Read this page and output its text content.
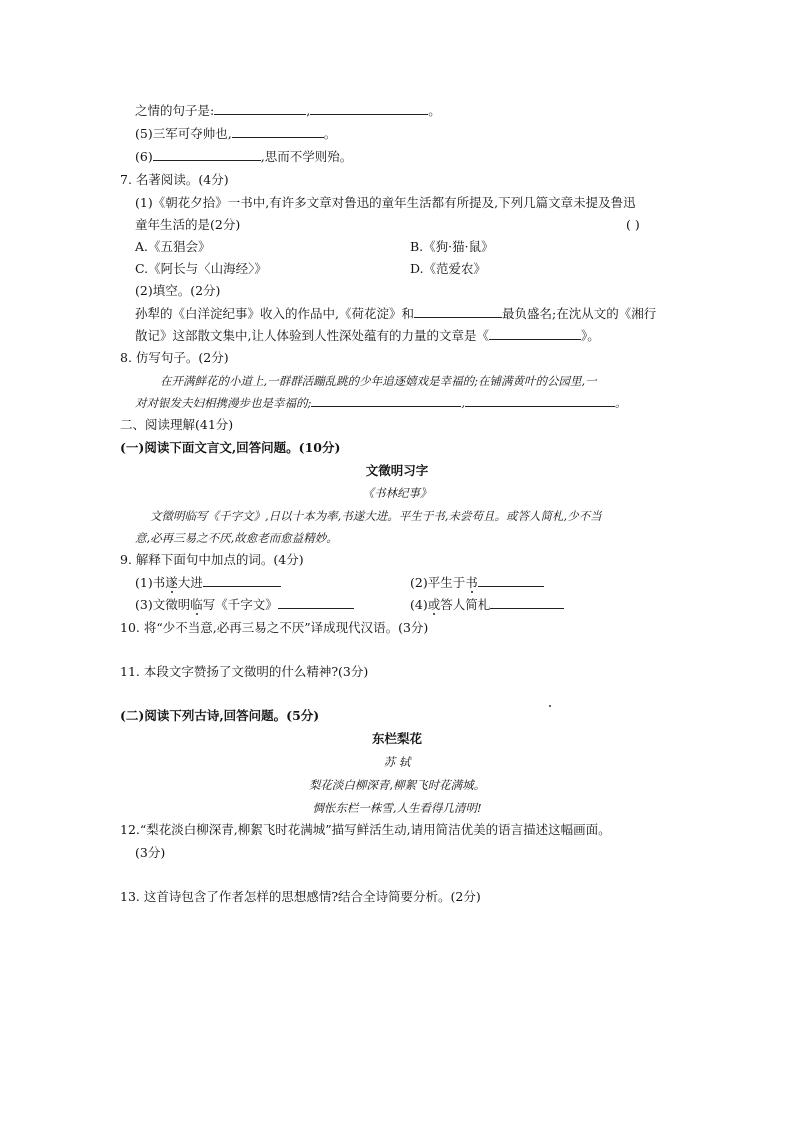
之情的句子是:	,	。
(5)三军可夺帅也,	。
(6)	,思而不学则殆。
7. 名著阅读。(4分)
(1)《朝花夕拾》一书中,有许多文章对鲁迅的童年生活都有所提及,下列几篇文章未提及鲁迅
童年生活的是(2分)	( )
A.《五猖会》	B.《狗·猫·鼠》
C.《阿长与〈山海经〉》	D.《范爱农》
(2)填空。(2分)
孙犁的《白洋淀纪事》收入的作品中,《荷花淀》和	最负盛名;在沈从文的《湘行
散记》这部散文集中,让人体验到人性深处蕴有的力量的文章是《	》。
8. 仿写句子。(2分)
在开满鲜花的小道上,一群群活蹦乱跳的少年追逐嬉戏是幸福的;在铺满黄叶的公园里,一
对对银发夫妇相携漫步也是幸福的;	,	。
二、阅读理解(41分)
(一)阅读下面文言文,回答问题。(10分)
文徵明习字
《书林纪事》
文徵明临写《千字文》,日以十本为率,书遂大进。平生于书,未尝苟且。或答人简札,少不当
意,必再三易之不厌,故愈老而愈益精妙。
9. 解释下面句中加点的词。(4分)
(1)书遂大进	(2)平生于书
(3)文徵明临写《千字文》	(4)或答人简札
10. 将“少不当意,必再三易之不厌”译成现代汉语。(3分)
11. 本段文字赞扬了文徵明的什么精神?(3分)
(二)阅读下列古诗,回答问题。(5分)
东栏梨花
苏 轼
梨花淡白柳深青,柳絮飞时花满城。
惆怅东栏一株雪,人生看得几清明!
12.“梨花淡白柳深青,柳絮飞时花满城”描写鲜活生动,请用简洁优美的语言描述这幅画面。
(3分)
13. 这首诗包含了作者怎样的思想感情?结合全诗简要分析。(2分)
